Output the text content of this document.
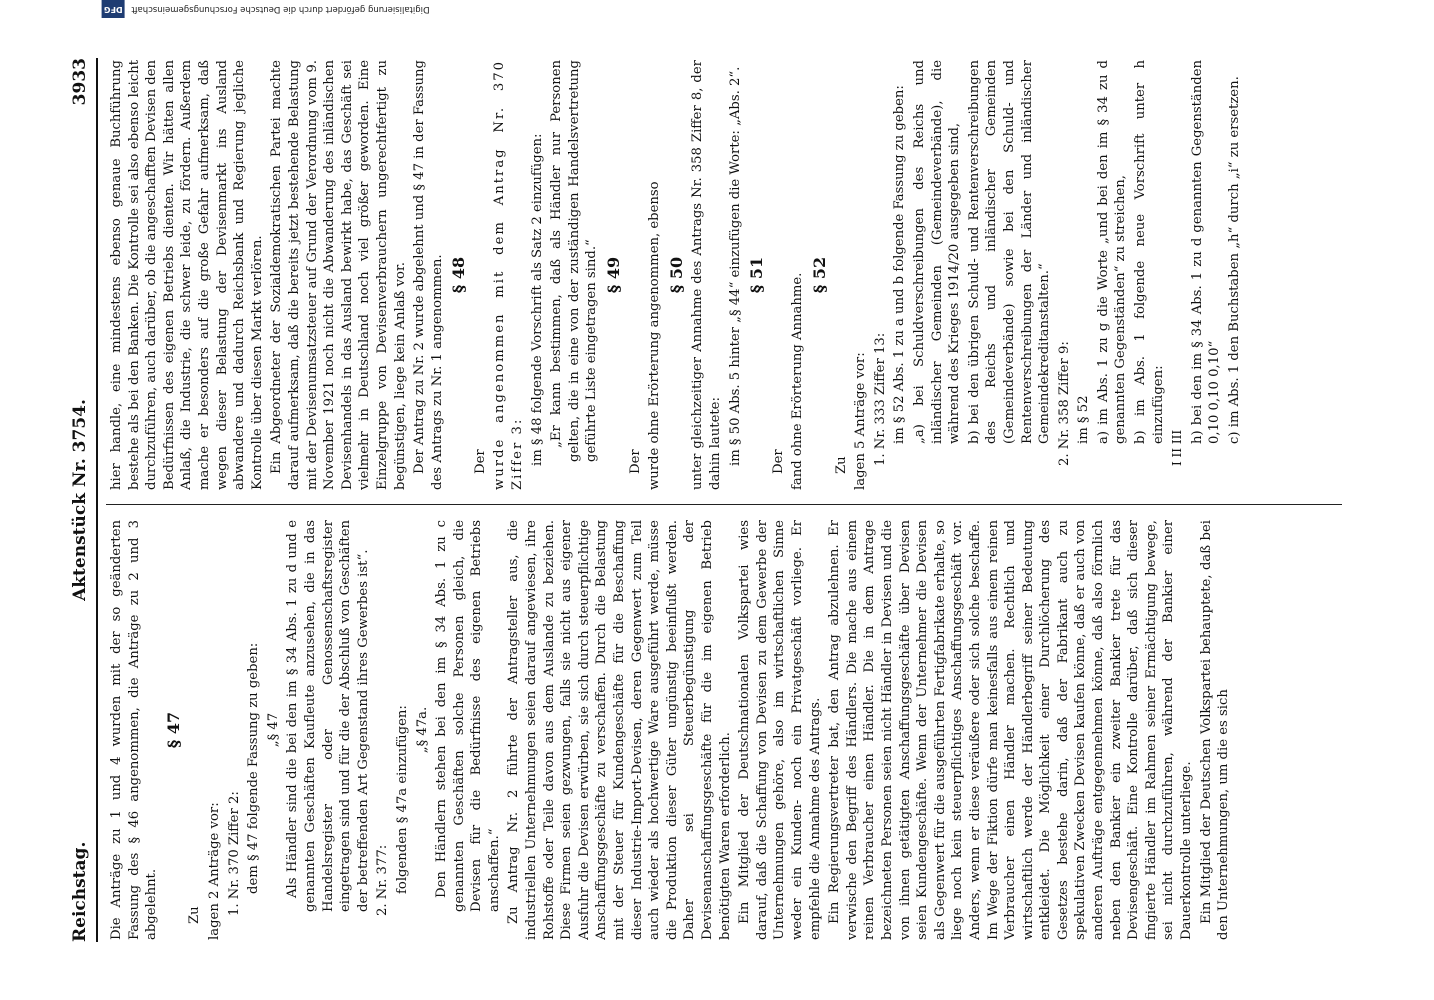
Reichstag.
Aktenstück Nr. 3754.
3933

Die Anträge zu 1 und 4 wurden mit der so geänderten Fassung des § 46 angenommen, die Anträge zu 2 und 3 abgelehnt.

§ 47

Zu lagen 2 Anträge vor: 1. Nr. 370 Ziffer 2: dem § 47 folgende Fassung zu geben: „§ 47 Als Händler sind die bei den im § 34 Abs. 1 zu d und e genannten Geschäften Kaufleute anzusehen, die in das Handelsregister oder Genossenschaftsregister eingetragen sind und für die der Abschluß von Geschäften der betreffenden Art Gegenstand ihres Gewerbes ist“. 2. Nr. 377: folgenden § 47a einzufügen: „§ 47a. Den Händlern stehen bei den im § 34 Abs. 1 zu c genannten Geschäften solche Personen gleich, die Devisen für die Bedürfnisse des eigenen Betriebs anschaffen.“ Zu Antrag Nr. 2 führte der Antragsteller aus, die industriellen Unternehmungen seien darauf angewiesen, ihre Rohstoffe oder Teile davon aus dem Auslande zu beziehen. Diese Firmen seien gezwungen, falls sie nicht aus eigener Ausfuhr die Devisen erwürben, sie sich durch steuerpflichtige Anschaffungsgeschäfte zu verschaffen. Durch die Belastung mit der Steuer für Kundengeschäfte für die Beschaffung dieser Industrie-Import-Devisen, deren Gegenwert zum Teil auch wieder als hochwertige Ware ausgeführt werde, müsse die Produktion dieser Güter ungünstig beeinflußt werden. Daher sei Steuerbegünstigung der Devisenanschaffungsgeschäfte für die im eigenen Betrieb benötigten Waren erforderlich. Ein Mitglied der Deutschnationalen Volkspartei wies darauf, daß die Schaffung von Devisen zu dem Gewerbe der Unternehmungen gehöre, also im wirtschaftlichen Sinne weder ein Kunden- noch ein Privatgeschäft vorliege. Er empfehle die Annahme des Antrags. Ein Regierungsvertreter bat, den Antrag abzulehnen. Er verwische den Begriff des Händlers. Die mache aus einem reinen Verbraucher einen Händler. Die in dem Antrage bezeichneten Personen seien nicht Händler in Devisen und die von ihnen getätigten Anschaffungsgeschäfte über Devisen seien Kundengeschäfte. Wenn der Unternehmer die Devisen als Gegenwert für die ausgeführten Fertigfabrikate erhalte, so liege noch kein steuerpflichtiges Anschaffungsgeschäft vor. Anders, wenn er diese veräußere oder sich solche beschaffe. Im Wege der Fiktion dürfe man keinesfalls aus einem reinen Verbraucher einen Händler machen. Rechtlich und wirtschaftlich werde der Händlerbegriff seiner Bedeutung entkleidet. Die Möglichkeit einer Durchlöcherung des Gesetzes bestehe darin, daß der Fabrikant auch zu spekulativen Zwecken Devisen kaufen könne, daß er auch von anderen Aufträge entgegennehmen könne, daß also förmlich neben den Bankier ein zweiter Bankier trete für das Devisengeschäft. Eine Kontrolle darüber, daß sich dieser fingierte Händler im Rahmen seiner Ermächtigung bewege, sei nicht durchzuführen, während der Bankier einer Dauerkontrolle unterliege. Ein Mitglied der Deutschen Volkspartei behauptete, daß bei den Unternehmungen, um die es sich

hier handle, eine mindestens ebenso genaue Buchführung bestehe als bei den Banken. Die Kontrolle sei also ebenso leicht durchzuführen, auch darüber, ob die angeschafften Devisen den Bedürfnissen des eigenen Betriebs dienten. Wir hätten allen Anlaß, die Industrie, die schwer leide, zu fördern. Außerdem mache er besonders auf die große Gefahr aufmerksam, daß wegen dieser Belastung der Devisenmarkt ins Ausland abwandere und dadurch Reichsbank und Regierung jegliche Kontrolle über diesen Markt verlören. Ein Abgeordneter der Sozialdemokratischen Partei machte darauf aufmerksam, daß die bereits jetzt bestehende Belastung mit der Devisenumsatzsteuer auf Grund der Verordnung vom 9. November 1921 noch nicht die Abwanderung des inländischen Devisenhandels in das Ausland bewirkt habe, das Geschäft sei vielmehr in Deutschland noch viel größer geworden. Eine Einzelgruppe von Devisenverbrauchern ungerechtfertigt zu begünstigen, liege kein Anlaß vor. Der Antrag zu Nr. 2 wurde abgelehnt und § 47 in der Fassung des Antrags zu Nr. 1 angenommen. § 48

Der wurde angenommen mit dem Antrag Nr. 370 Ziffer 3: im § 48 folgende Vorschrift als Satz 2 einzufügen: „Er kann bestimmen, daß als Händler nur Personen gelten, die in eine von der zuständigen Handelsvertretung geführte Liste eingetragen sind.“ § 49

Der wurde ohne Erörterung angenommen, ebenso § 50 unter gleichzeitiger Annahme des Antrags Nr. 358 Ziffer 8, der dahin lautete: im § 50 Abs. 5 hinter „§ 44“ einzufügen die Worte: „Abs. 2“. § 51

Der fand ohne Erörterung Annahme. § 52

Zu lagen 5 Anträge vor: 1. Nr. 333 Ziffer 13: im § 52 Abs. 1 zu a und b folgende Fassung zu geben: „a) bei Schuldverschreibungen des Reichs und inländischer Gemeinden (Gemeindeverbände), die während des Krieges 1914/20 ausgegeben sind, b) bei den übrigen Schuld- und Rentenverschreibungen des Reichs und inländischer Gemeinden (Gemeindeverbände) sowie bei den Schuld- und Rentenverschreibungen der Länder und inländischer Gemeindekreditanstalten.“ 2. Nr. 358 Ziffer 9: im § 52 a) im Abs. 1 zu g die Worte „und bei den im § 34 zu d genannten Gegenständen“ zu streichen, b) im Abs. 1 folgende neue Vorschrift unter h einzufügen:

I II III

h) bei den im § 34 Abs. 1 zu d genannten Gegenständen 0,10 0,10 0,10“ c) im Abs. 1 den Buchstaben „h“ durch „i“ zu ersetzen.

Digitalisierung gefördert durch die Deutsche Forschungsgemeinschaft DFG
